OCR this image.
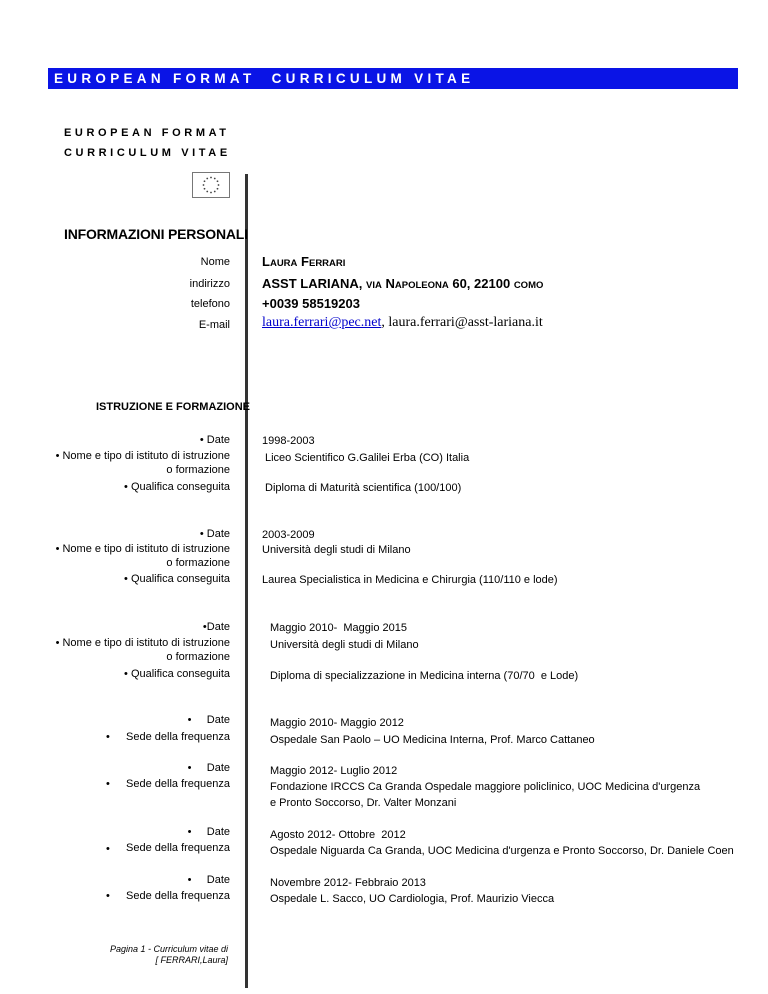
EUROPEAN FORMAT  CURRICULUM VITAE
EUROPEAN FORMAT
CURRICULUM VITAE
INFORMAZIONI PERSONALI
Nome LAURA FERRARI
indirizzo ASST LARIANA, VIA NAPOLEONA 60, 22100 COMO
telefono +0039 58519203
E-mail laura.ferrari@pec.net, laura.ferrari@asst-lariana.it
ISTRUZIONE E FORMAZIONE
• Date
• Nome e tipo di istituto di istruzione
o formazione
• Qualifica conseguita
1998-2003
Liceo Scientifico G.Galilei Erba (CO) Italia
Diploma di Maturità scientifica (100/100)
• Date
• Nome e tipo di istituto di istruzione
o formazione
• Qualifica conseguita
2003-2009
Università degli studi di Milano
Laurea Specialistica in Medicina e Chirurgia (110/110 e lode)
•Date
• Nome e tipo di istituto di istruzione
o formazione
• Qualifica conseguita
Maggio 2010-  Maggio 2015
Università degli studi di Milano
Diploma di specializzazione in Medicina interna (70/70  e Lode)
•     Date
Sede della frequenza
•
Maggio 2010- Maggio 2012
Ospedale San Paolo – UO Medicina Interna, Prof. Marco Cattaneo
•     Date
Sede della frequenza
•
Maggio 2012- Luglio 2012
Fondazione IRCCS Ca Granda Ospedale maggiore policlinico, UOC Medicina d'urgenza
e Pronto Soccorso, Dr. Valter Monzani
•     Date
Sede della frequenza
•
Agosto 2012- Ottobre  2012
Ospedale Niguarda Ca Granda, UOC Medicina d'urgenza e Pronto Soccorso, Dr. Daniele Coen
•     Date
Sede della frequenza
•
Novembre 2012- Febbraio 2013
Ospedale L. Sacco, UO Cardiologia, Prof. Maurizio Viecca
Pagina 1 - Curriculum vitae di
[ FERRARI,Laura]
